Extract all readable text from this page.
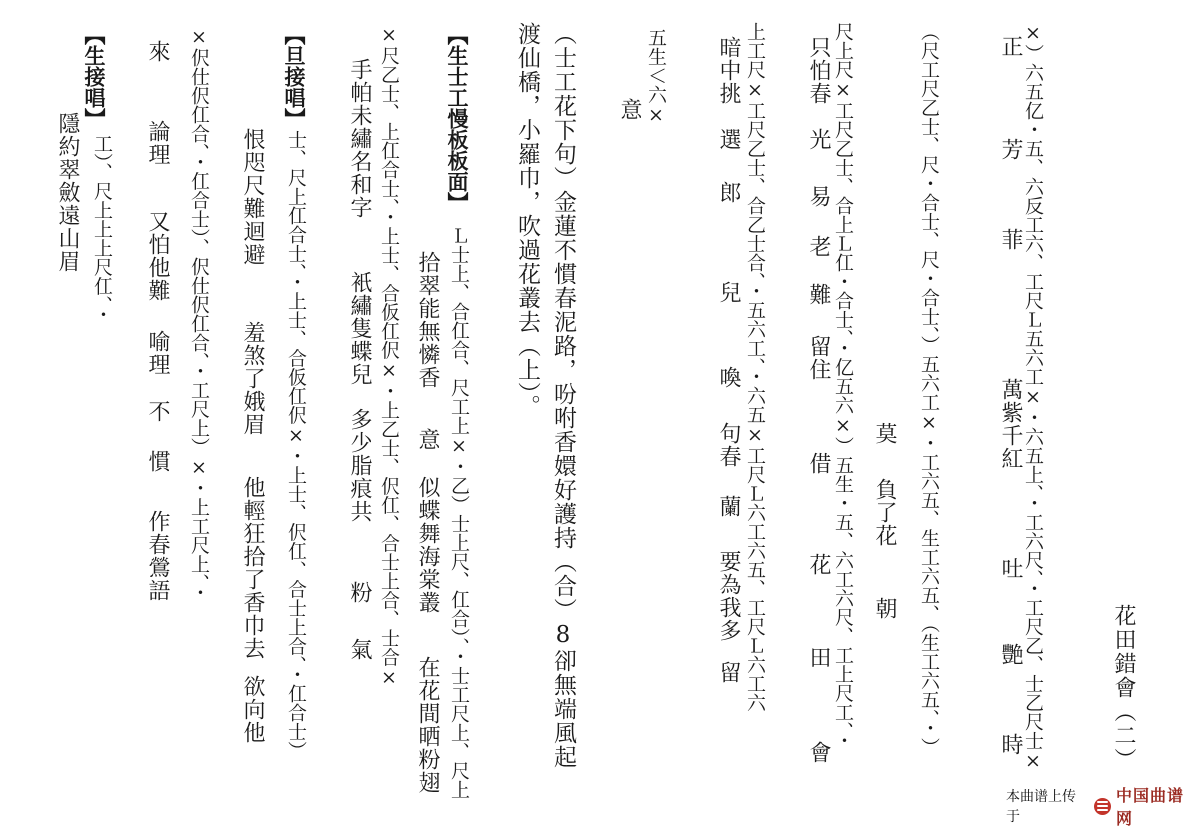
×）六五亿・五、六反工六、工尺Ｌ五六工×・六五上、・工六尺、・工尺乙、士乙尺士×
正
芳
菲
萬紫千紅
吐
艷
時
（尺工尺乙士、尺・合士、尺・合士、）五六工×・工六五、生工六五、（生工六五、・）
莫
負了花
朝
尺上尺×工尺乙士、合上Ｌ仜・合士、・亿五六×）五生・五、六工六尺、工上尺工、・
只怕春
光
易
老
難
留住
借
花
田
會
上工尺×工尺乙士、合乙士合、・五六工、・六五×工尺Ｌ六工六五、工尺Ｌ六工六
暗中挑
選
郎
兒
喚
句春
蘭
要為我多
留
五生＜六×
意
（士工花下句）金蓮不慣春泥路，吩咐香嬛好護持（合）8卻無端風起
渡仙橋，小羅巾，吹過花叢去（上）。
【生士工慢板板面】
Ｌ士上、合仜合、尺工上×・乙）士上尺、仜合）、・士工尺上、尺上
拾翠能無憐香
意
似蝶舞海棠叢
在花間晒粉翅
×尺乙士、上仜合士、・上士、合仮仜伬×・上乙士、伬仜、合士上合、士合×
手帕未繡名和字
衹繡隻蝶兒
多少脂痕共
粉
氣
【旦接唱】
士、尺上仜合士、・上士、合仮仜伬×・上士、伬仜、合士上合、・仜合士）
恨咫尺難迴避
羞煞了娥眉
他輕狂拾了香巾去
欲向他
×伬仕伬仜合、・仜合士）、伬仕伬仜合、・工尺上）×・上工尺上、・
來
論理
又怕他難
喻理
不
慣
作春鶯語
【生接唱】
工）、尺上上上尺仜、・
隱約翠斂遠山眉
花田錯會（二）
本曲谱上传于
中国曲谱网
